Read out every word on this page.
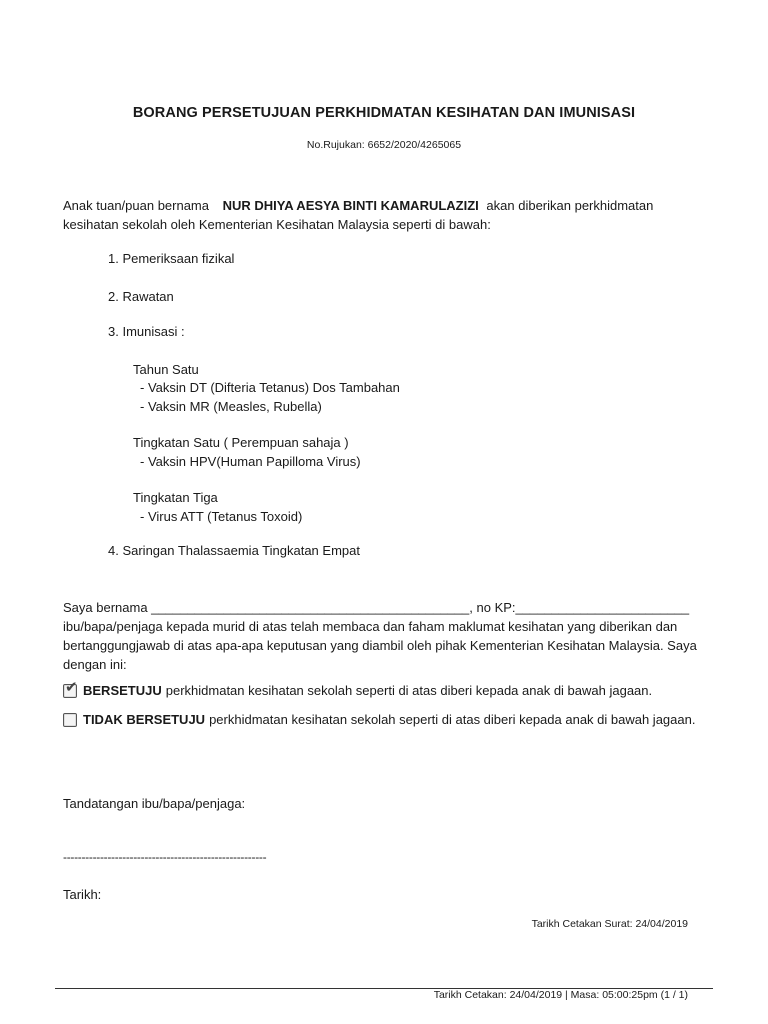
BORANG PERSETUJUAN PERKHIDMATAN KESIHATAN DAN IMUNISASI
No.Rujukan: 6652/2020/4265065
Anak tuan/puan bernama NUR DHIYA AESYA BINTI KAMARULAZIZI akan diberikan perkhidmatan
kesihatan sekolah oleh Kementerian Kesihatan Malaysia seperti di bawah:
1. Pemeriksaan fizikal
2. Rawatan
3. Imunisasi :
Tahun Satu
- Vaksin DT (Difteria Tetanus) Dos Tambahan
- Vaksin MR (Measles, Rubella)
Tingkatan Satu ( Perempuan sahaja )
- Vaksin HPV(Human Papilloma Virus)
Tingkatan Tiga
- Virus ATT (Tetanus Toxoid)
4. Saringan Thalassaemia Tingkatan Empat
Saya bernama ____________________________________________, no KP:________________________
ibu/bapa/penjaga kepada murid di atas telah membaca dan faham maklumat kesihatan yang diberikan dan
bertanggungjawab di atas apa-apa keputusan yang diambil oleh pihak Kementerian Kesihatan Malaysia. Saya
dengan ini:
✔ BERSETUJU perkhidmatan kesihatan sekolah seperti di atas diberi kepada anak di bawah jagaan.
TIDAK BERSETUJU perkhidmatan kesihatan sekolah seperti di atas diberi kepada anak di bawah jagaan.
Tandatangan ibu/bapa/penjaga:
-------------------------------------------------------
Tarikh:
Tarikh Cetakan Surat: 24/04/2019
Tarikh Cetakan: 24/04/2019 | Masa: 05:00:25pm (1 / 1)
